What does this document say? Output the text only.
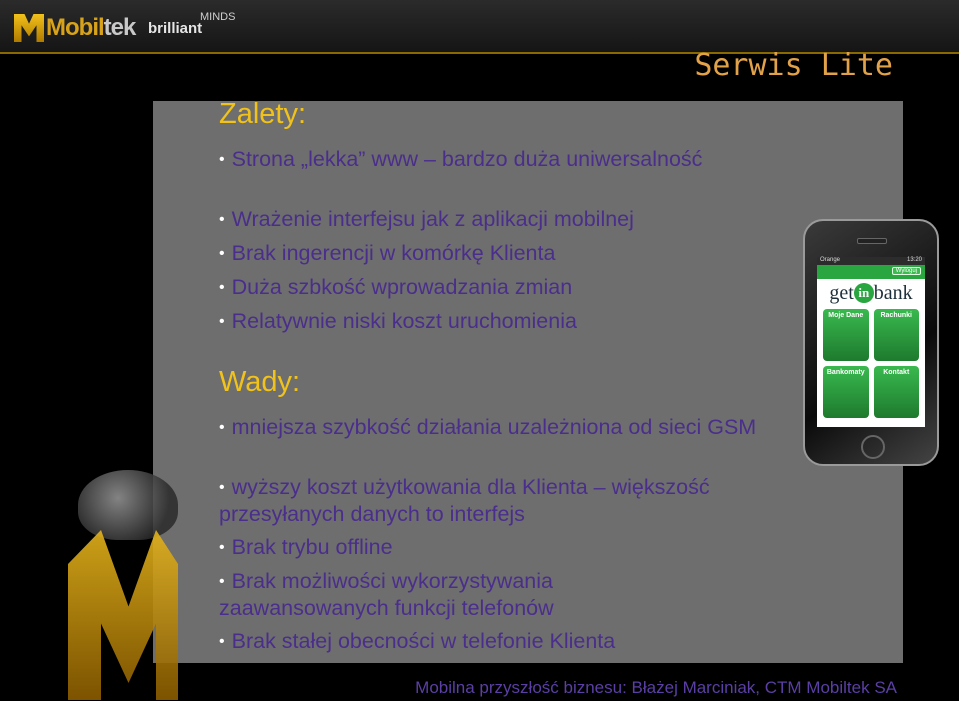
Mobiltek brilliant
MINDS
Serwis Lite
Zalety:
• Strona „lekka” www – bardzo duża uniwersalność
• Wrażenie interfejsu jak z aplikacji mobilnej
• Brak ingerencji w komórkę Klienta
• Duża szbkość wprowadzania zmian
• Relatywnie niski koszt uruchomienia
Wady:
• mniejsza szybkość działania uzależniona od sieci GSM
• wyższy koszt użytkowania dla Klienta – większość przesyłanych danych to interfejs
• Brak trybu offline
• Brak możliwości wykorzystywania zaawansowanych funkcji telefonów
• Brak stałej obecności w telefonie Klienta
Orange	13:20
Wyloguj
get in bank
Moje Dane	Rachunki
Bankomaty	Kontakt
Mobilna przyszłość biznesu: Błażej Marciniak, CTM Mobiltek SA
